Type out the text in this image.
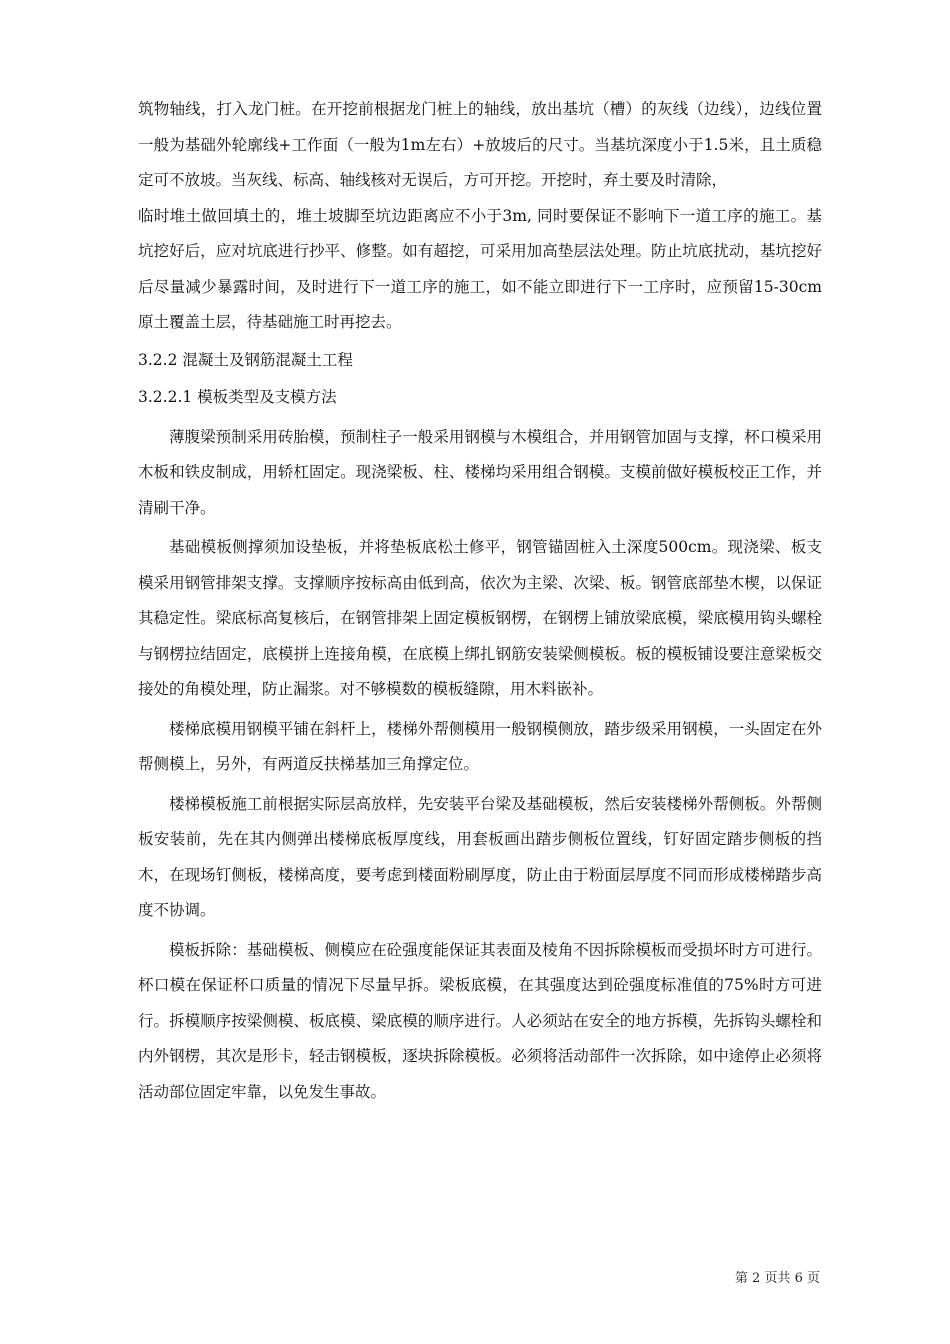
筑物轴线，打入龙门桩。在开挖前根据龙门桩上的轴线，放出基坑（槽）的灰线（边线），边线位置一般为基础外轮廓线+工作面（一般为1m左右）+放坡后的尺寸。当基坑深度小于1.5米，且土质稳定可不放坡。当灰线、标高、轴线核对无误后，方可开挖。开挖时，弃土要及时清除，

临时堆土做回填土的，堆土坡脚至坑边距离应不小于3m, 同时要保证不影响下一道工序的施工。基坑挖好后，应对坑底进行抄平、修整。如有超挖，可采用加高垫层法处理。防止坑底扰动，基坑挖好后尽量减少暴露时间，及时进行下一道工序的施工，如不能立即进行下一工序时，应预留15-30cm原土覆盖土层，待基础施工时再挖去。

3.2.2 混凝土及钢筋混凝土工程

3.2.2.1 模板类型及支模方法

薄腹梁预制采用砖胎模，预制柱子一般采用钢模与木模组合，并用钢管加固与支撑，杯口模采用木板和铁皮制成，用轿杠固定。现浇梁板、柱、楼梯均采用组合钢模。支模前做好模板校正工作，并清刷干净。

基础模板侧撑须加设垫板，并将垫板底松土修平，钢管锚固桩入土深度500cm。现浇梁、板支模采用钢管排架支撑。支撑顺序按标高由低到高，依次为主梁、次梁、板。钢管底部垫木楔，以保证其稳定性。梁底标高复核后，在钢管排架上固定模板钢楞，在钢楞上铺放梁底模，梁底模用钩头螺栓与钢楞拉结固定，底模拼上连接角模，在底模上绑扎钢筋安装梁侧模板。板的模板铺设要注意梁板交接处的角模处理，防止漏浆。对不够模数的模板缝隙，用木料嵌补。

楼梯底模用钢模平铺在斜杆上，楼梯外帮侧模用一般钢模侧放，踏步级采用钢模，一头固定在外帮侧模上，另外，有两道反扶梯基加三角撑定位。

楼梯模板施工前根据实际层高放样，先安装平台梁及基础模板，然后安装楼梯外帮侧板。外帮侧板安装前，先在其内侧弹出楼梯底板厚度线，用套板画出踏步侧板位置线，钉好固定踏步侧板的挡木，在现场钉侧板，楼梯高度，要考虑到楼面粉刷厚度，防止由于粉面层厚度不同而形成楼梯踏步高度不协调。

模板拆除：基础模板、侧模应在砼强度能保证其表面及棱角不因拆除模板而受损坏时方可进行。杯口模在保证杯口质量的情况下尽量早拆。梁板底模，在其强度达到砼强度标准值的75%时方可进行。拆模顺序按梁侧模、板底模、梁底模的顺序进行。人必须站在安全的地方拆模，先拆钩头螺栓和内外钢楞，其次是形卡，轻击钢模板，逐块拆除模板。必须将活动部件一次拆除，如中途停止必须将活动部位固定牢靠，以免发生事故。

第 2 页共 6 页
